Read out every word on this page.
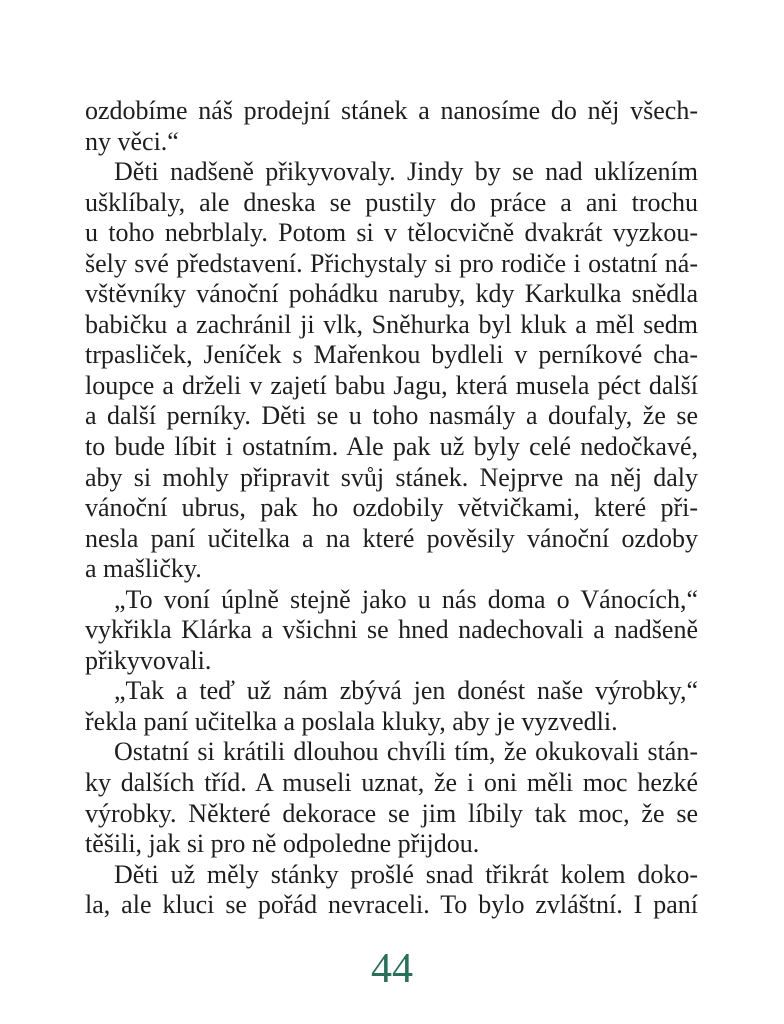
ozdobíme náš prodejní stánek a nanosíme do něj všech-
ny věci.“
Děti nadšeně přikyvovaly. Jindy by se nad uklízením
ušklíbaly, ale dneska se pustily do práce a ani trochu
u toho nebrblaly. Potom si v tělocvičně dvakrát vyzkou-
šely své představení. Přichystaly si pro rodiče i ostatní ná-
vštěvníky vánoční pohádku naruby, kdy Karkulka snědla
babičku a zachránil ji vlk, Sněhurka byl kluk a měl sedm
trpasliček, Jeníček s Mařenkou bydleli v perníkové cha-
loupce a drželi v zajetí babu Jagu, která musela péct další
a další perníky. Děti se u toho nasmály a doufaly, že se
to bude líbit i ostatním. Ale pak už byly celé nedočkavé,
aby si mohly připravit svůj stánek. Nejprve na něj daly
vánoční ubrus, pak ho ozdobily větvičkami, které při-
nesla paní učitelka a na které pověsily vánoční ozdoby
a mašličky.
„To voní úplně stejně jako u nás doma o Vánocích,“
vykřikla Klárka a všichni se hned nadechovali a nadšeně
přikyvovali.
„Tak a teď už nám zbývá jen donést naše výrobky,“
řekla paní učitelka a poslala kluky, aby je vyzvedli.
Ostatní si krátili dlouhou chvíli tím, že okukovali stán-
ky dalších tříd. A museli uznat, že i oni měli moc hezké
výrobky. Některé dekorace se jim líbily tak moc, že se
těšili, jak si pro ně odpoledne přijdou.
Děti už měly stánky prošlé snad třikrát kolem doko-
la, ale kluci se pořád nevraceli. To bylo zvláštní. I paní
44
